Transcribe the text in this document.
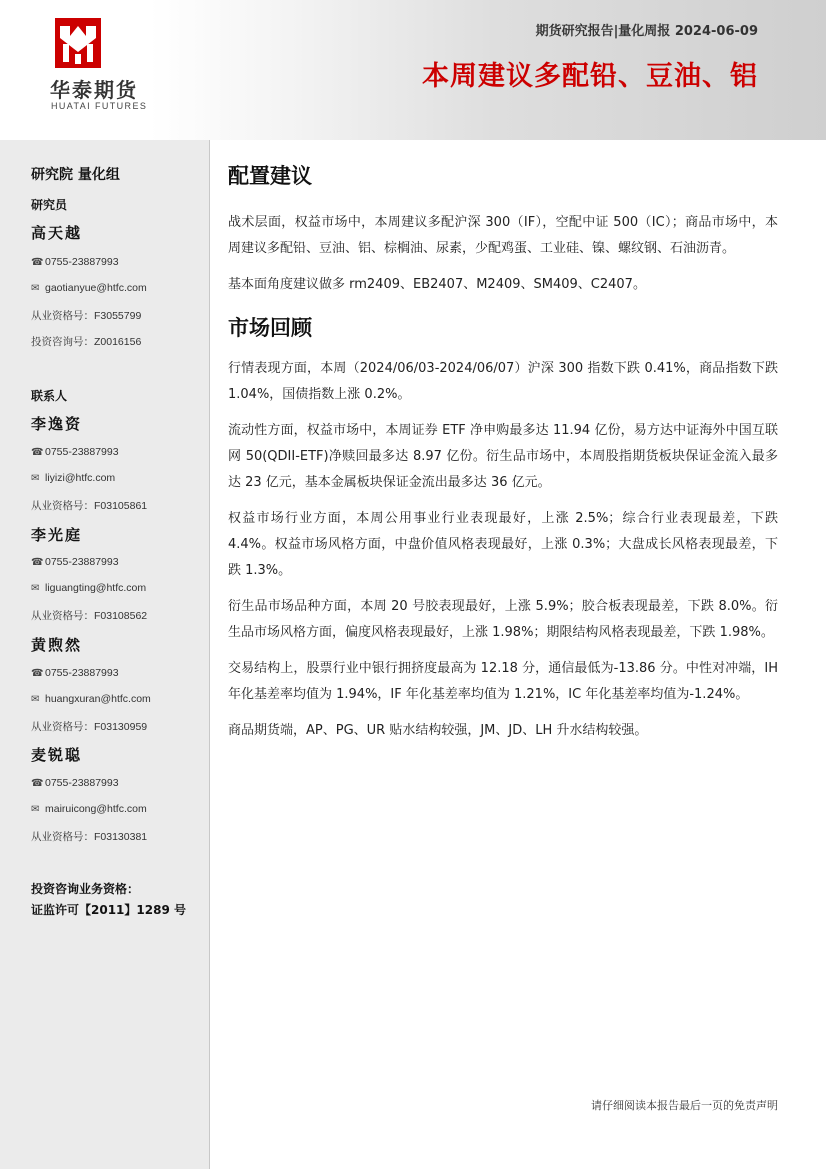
华泰期货
HUATAI FUTURES
期货研究报告|量化周报 2024-06-09
本周建议多配铅、豆油、铝
研究院 量化组
研究员
高天越
☎ 0755-23887993
✉ gaotianyue@htfc.com
从业资格号：F3055799
投资咨询号：Z0016156
联系人
李逸资
☎ 0755-23887993
✉ liyizi@htfc.com
从业资格号：F03105861
李光庭
☎ 0755-23887993
✉ liguangting@htfc.com
从业资格号：F03108562
黄煦然
☎ 0755-23887993
✉ huangxuran@htfc.com
从业资格号：F03130959
麦锐聪
☎ 0755-23887993
✉ mairuicong@htfc.com
从业资格号：F03130381
投资咨询业务资格：
证监许可【2011】1289 号
配置建议
战术层面，权益市场中，本周建议多配沪深 300（IF），空配中证 500（IC）；商品市场中，本周建议多配铅、豆油、铝、棕榈油、尿素，少配鸡蛋、工业硅、镍、螺纹钢、石油沥青。
基本面角度建议做多 rm2409、EB2407、M2409、SM409、C2407。
市场回顾
行情表现方面，本周（2024/06/03-2024/06/07）沪深 300 指数下跌 0.41%，商品指数下跌 1.04%，国债指数上涨 0.2%。
流动性方面，权益市场中，本周证券 ETF 净申购最多达 11.94 亿份，易方达中证海外中国互联网 50(QDII-ETF)净赎回最多达 8.97 亿份。衍生品市场中，本周股指期货板块保证金流入最多达 23 亿元，基本金属板块保证金流出最多达 36 亿元。
权益市场行业方面，本周公用事业行业表现最好，上涨 2.5%；综合行业表现最差，下跌 4.4%。权益市场风格方面，中盘价值风格表现最好，上涨 0.3%；大盘成长风格表现最差，下跌 1.3%。
衍生品市场品种方面，本周 20 号胶表现最好，上涨 5.9%；胶合板表现最差，下跌 8.0%。衍生品市场风格方面，偏度风格表现最好，上涨 1.98%；期限结构风格表现最差，下跌 1.98%。
交易结构上，股票行业中银行拥挤度最高为 12.18 分，通信最低为-13.86 分。中性对冲端，IH 年化基差率均值为 1.94%，IF 年化基差率均值为 1.21%，IC 年化基差率均值为-1.24%。
商品期货端，AP、PG、UR 贴水结构较强，JM、JD、LH 升水结构较强。
请仔细阅读本报告最后一页的免责声明
